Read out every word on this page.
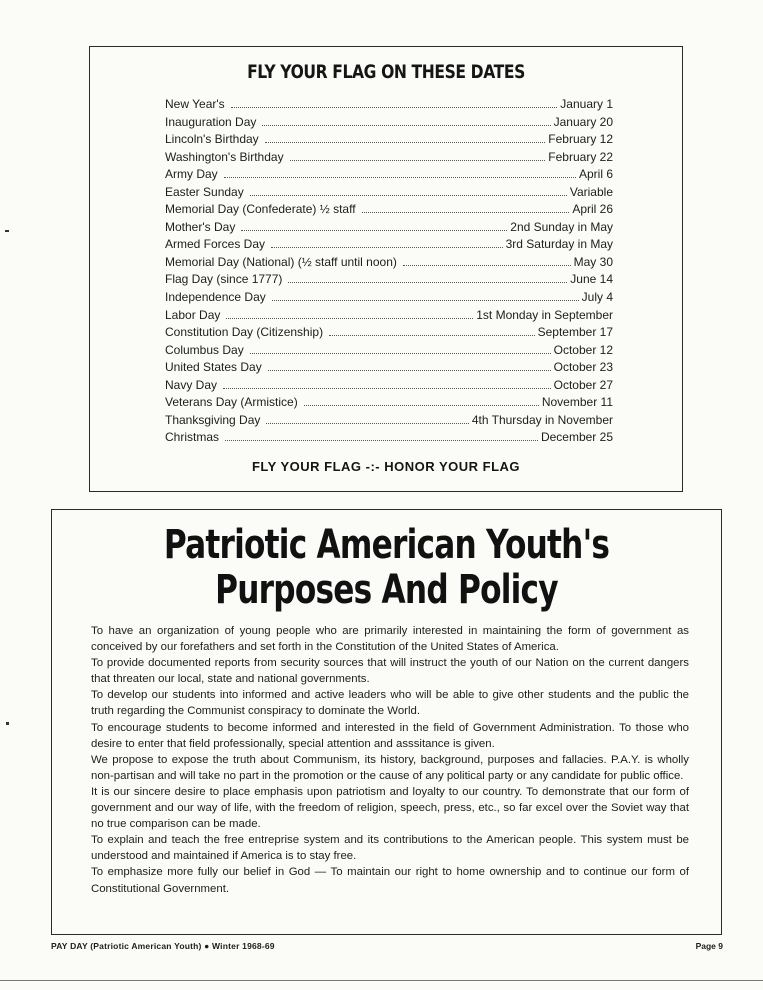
FLY YOUR FLAG ON THESE DATES
New Year's	January 1
Inauguration Day	January 20
Lincoln's Birthday	February 12
Washington's Birthday	February 22
Army Day	April 6
Easter Sunday	Variable
Memorial Day (Confederate) ½ staff	April 26
Mother's Day	2nd Sunday in May
Armed Forces Day	3rd Saturday in May
Memorial Day (National) (½ staff until noon)	May 30
Flag Day (since 1777)	June 14
Independence Day	July 4
Labor Day	1st Monday in September
Constitution Day (Citizenship)	September 17
Columbus Day	October 12
United States Day	October 23
Navy Day	October 27
Veterans Day (Armistice)	November 11
Thanksgiving Day	4th Thursday in November
Christmas	December 25
FLY YOUR FLAG -:- HONOR YOUR FLAG
Patriotic American Youth's
Purposes And Policy

To have an organization of young people who are primarily interested in maintaining the form of government as conceived by our forefathers and set forth in the Constitution of the United States of America.

To provide documented reports from security sources that will instruct the youth of our Nation on the current dangers that threaten our local, state and national governments.

To develop our students into informed and active leaders who will be able to give other students and the public the truth regarding the Communist conspiracy to dominate the World.

To encourage students to become informed and interested in the field of Government Administration. To those who desire to enter that field professionally, special attention and asssitance is given.

We propose to expose the truth about Communism, its history, background, purposes and fallacies. P.A.Y. is wholly non-partisan and will take no part in the promotion or the cause of any political party or any candidate for public office.

It is our sincere desire to place emphasis upon patriotism and loyalty to our country. To demonstrate that our form of government and our way of life, with the freedom of religion, speech, press, etc., so far excel over the Soviet way that no true comparison can be made.

To explain and teach the free entreprise system and its contributions to the American people. This system must be understood and maintained if America is to stay free.

To emphasize more fully our belief in God — To maintain our right to home ownership and to continue our form of Constitutional Government.

PAY DAY (Patriotic American Youth) ● Winter 1968-69	Page 9
